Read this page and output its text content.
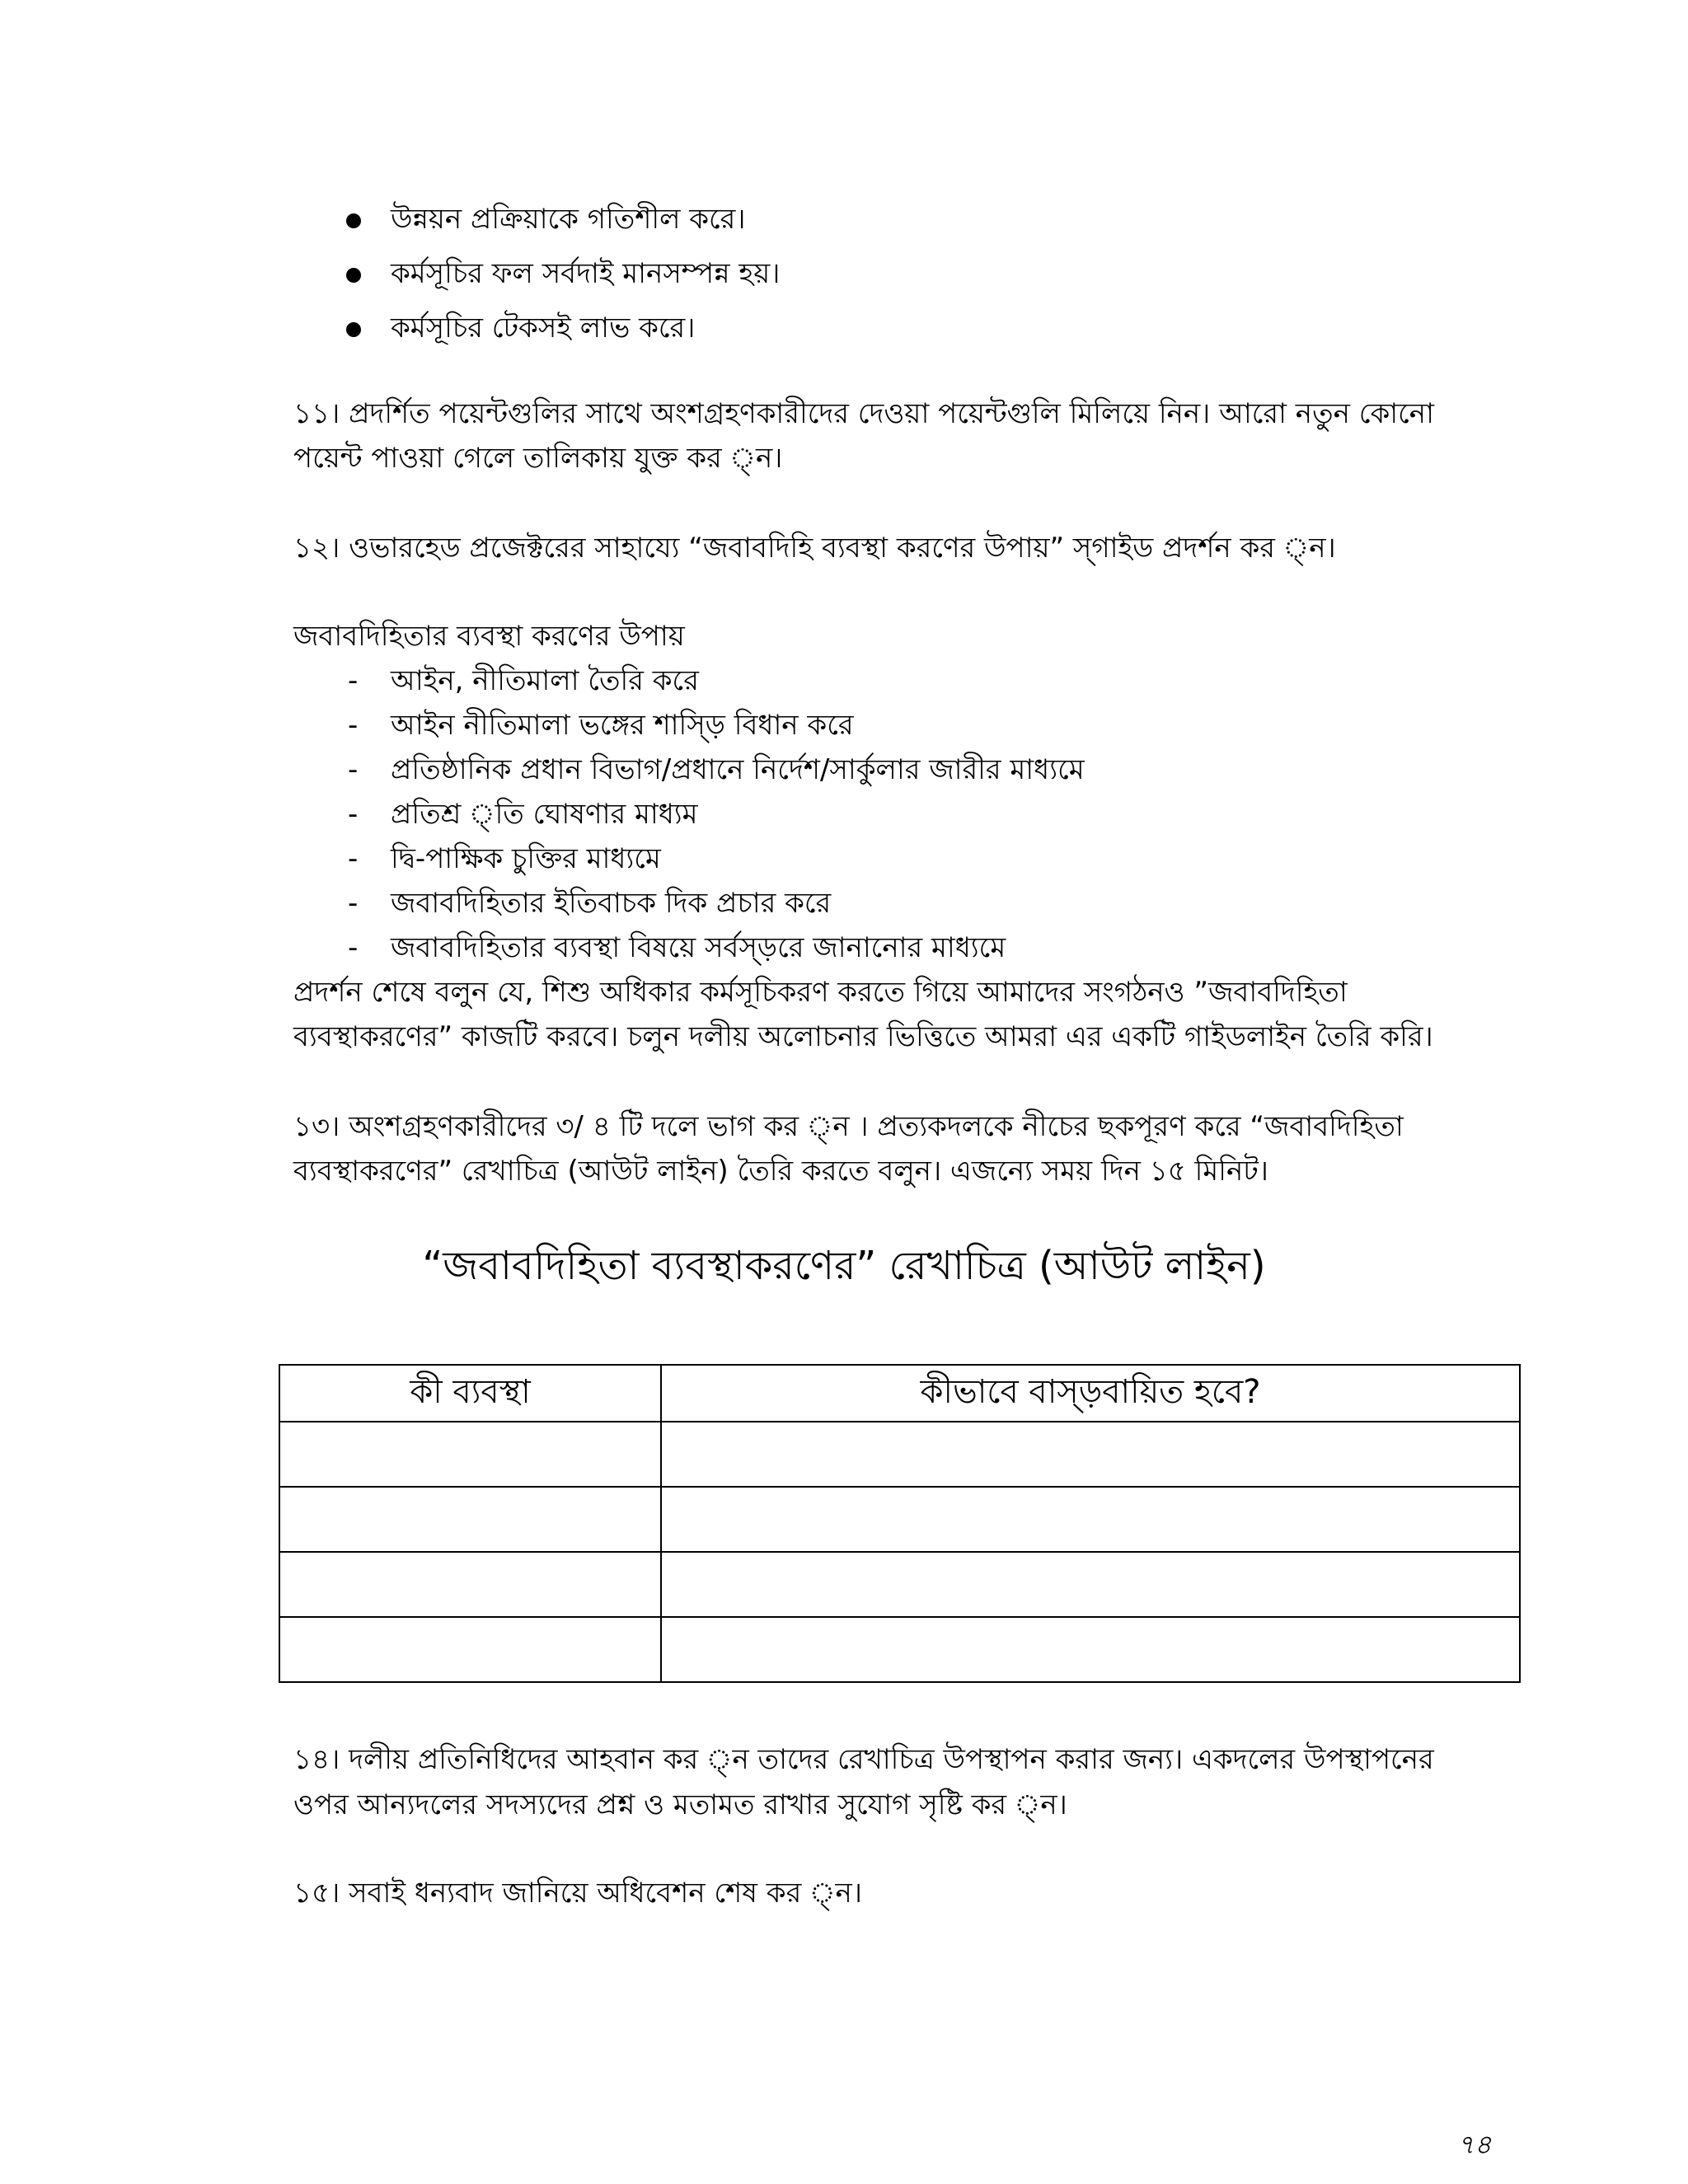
উন্নয়ন প্রক্রিয়াকে গতিশীল করে।
কর্মসূচির ফল সর্বদাই মানসম্পন্ন হয়।
কর্মসূচির টেকসই লাভ করে।
১১। প্রদর্শিত পয়েন্টগুলির সাথে অংশগ্রহণকারীদের দেওয়া পয়েন্টগুলি মিলিয়ে নিন। আরো নতুন কোনো
পয়েন্ট পাওয়া গেলে তালিকায় যুক্ত কর ্ন।
১২। ওভারহেড প্রজেক্টরের সাহায্যে “জবাবদিহি ব্যবস্থা করণের উপায়” স্গাইড প্রদর্শন কর ্ন।
জবাবদিহিতার ব্যবস্থা করণের উপায়
- আইন, নীতিমালা তৈরি করে
- আইন নীতিমালা ভঙ্গের শাস্ড়ি বিধান করে
- প্রতিষ্ঠানিক প্রধান বিভাগ/প্রধানে নির্দেশ/সার্কুলার জারীর মাধ্যমে
- প্রতিশ্র ্তি ঘোষণার মাধ্যম
- দ্বি-পাক্ষিক চুক্তির মাধ্যমে
- জবাবদিহিতার ইতিবাচক দিক প্রচার করে
- জবাবদিহিতার ব্যবস্থা বিষয়ে সর্বস্ড়রে জানানোর মাধ্যমে
প্রদর্শন শেষে বলুন যে, শিশু অধিকার কর্মসূচিকরণ করতে গিয়ে আমাদের সংগঠনও ”জবাবদিহিতা
ব্যবস্থাকরণের” কাজটি করবে। চলুন দলীয় অলোচনার ভিত্তিতে আমরা এর একটি গাইডলাইন তৈরি করি।
১৩। অংশগ্রহণকারীদের ৩/ ৪ টি দলে ভাগ কর ্ন । প্রত্যকদলকে নীচের ছকপূরণ করে “জবাবদিহিতা
ব্যবস্থাকরণের” রেখাচিত্র (আউট লাইন) তৈরি করতে বলুন। এজন্যে সময় দিন ১৫ মিনিট।
“জবাবদিহিতা ব্যবস্থাকরণের” রেখাচিত্র (আউট লাইন)
কী ব্যবস্থা	কীভাবে বাস্ড়বায়িত হবে?

১৪। দলীয় প্রতিনিধিদের আহবান কর ্ন তাদের রেখাচিত্র উপস্থাপন করার জন্য। একদলের উপস্থাপনের
ওপর আন্যদলের সদস্যদের প্রশ্ন ও মতামত রাখার সুযোগ সৃষ্টি কর ্ন।
১৫। সবাই ধন্যবাদ জানিয়ে অধিবেশন শেষ কর ্ন।
৭৪
